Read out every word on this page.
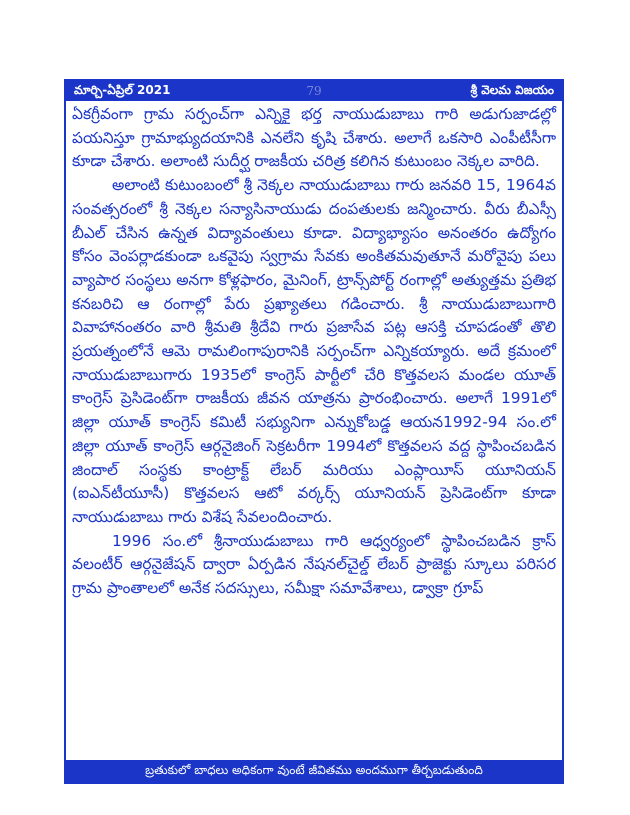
మార్చి-ఏప్రిల్ 2021	79	శ్రీ వెలమ విజయం

ఏకగ్రీవంగా గ్రామ సర్పంచ్‌గా ఎన్నికై భర్త నాయుడుబాబు గారి అడుగుజాడల్లో పయనిస్తూ గ్రామాభ్యుదయానికి ఎనలేని కృషి చేశారు. అలాగే ఒకసారి ఎంపీటీసీగా కూడా చేశారు. అలాంటి సుదీర్ఘ రాజకీయ చరిత్ర కలిగిన కుటుంబం నెక్కల వారిది.

అలాంటి కుటుంబంలో శ్రీ నెక్కల నాయుడుబాబు గారు జనవరి 15, 1964వ సంవత్సరంలో శ్రీ నెక్కల సన్యాసినాయుడు దంపతులకు జన్మించారు. వీరు బీఎస్సీ బీఎల్ చేసిన ఉన్నత విద్యావంతులు కూడా. విద్యాభ్యాసం అనంతరం ఉద్యోగం కోసం వెంపర్లాడకుండా ఒకవైపు స్వగ్రామ సేవకు అంకితమవుతూనే మరోవైపు పలు వ్యాపార సంస్థలు అనగా కోళ్లఫారం, మైనింగ్, ట్రాన్స్‌పోర్ట్ రంగాల్లో అత్యుత్తమ ప్రతిభ కనబరిచి ఆ రంగాల్లో పేరు ప్రఖ్యాతలు గడించారు. శ్రీ నాయుడుబాబుగారి వివాహానంతరం వారి శ్రీమతి శ్రీదేవి గారు ప్రజాసేవ పట్ల ఆసక్తి చూపడంతో తొలి ప్రయత్నంలోనే ఆమె రామలింగాపురానికి సర్పంచ్‌గా ఎన్నికయ్యారు. అదే క్రమంలో నాయుడుబాబుగారు 1935లో కాంగ్రెస్ పార్టీలో చేరి కొత్తవలస మండల యూత్ కాంగ్రెస్ ప్రెసిడెంట్‌గా రాజకీయ జీవన యాత్రను ప్రారంభించారు. అలాగే 1991లో జిల్లా యూత్ కాంగ్రెస్ కమిటీ సభ్యునిగా ఎన్నుకోబడ్డ ఆయన1992-94 సం.లో జిల్లా యూత్ కాంగ్రెస్ ఆర్గనైజింగ్ సెక్రటరీగా 1994లో కొత్తవలస వద్ద స్థాపించబడిన జిందాల్ సంస్థకు కాంట్రాక్ట్ లేబర్ మరియు ఎంప్లాయీస్ యూనియన్ (ఐఎన్‌టీయూసీ) కొత్తవలస ఆటో వర్కర్స్ యూనియన్ ప్రెసిడెంట్‌గా కూడా నాయుడుబాబు గారు విశేష సేవలందించారు.

1996 సం.లో శ్రీనాయుడుబాబు గారి ఆధ్వర్యంలో స్థాపించబడిన క్రాస్ వలంటీర్ ఆర్గనైజేషన్ ద్వారా ఏర్పడిన నేషనల్‌చైల్డ్ లేబర్ ప్రాజెక్టు స్కూలు పరిసర గ్రామ ప్రాంతాలలో అనేక సదస్సులు, సమీక్షా సమావేశాలు, డ్వాక్రా గ్రూప్

బ్రతుకులో బాధలు అధికంగా వుంటే జీవితము అందముగా తీర్చబడుతుంది
